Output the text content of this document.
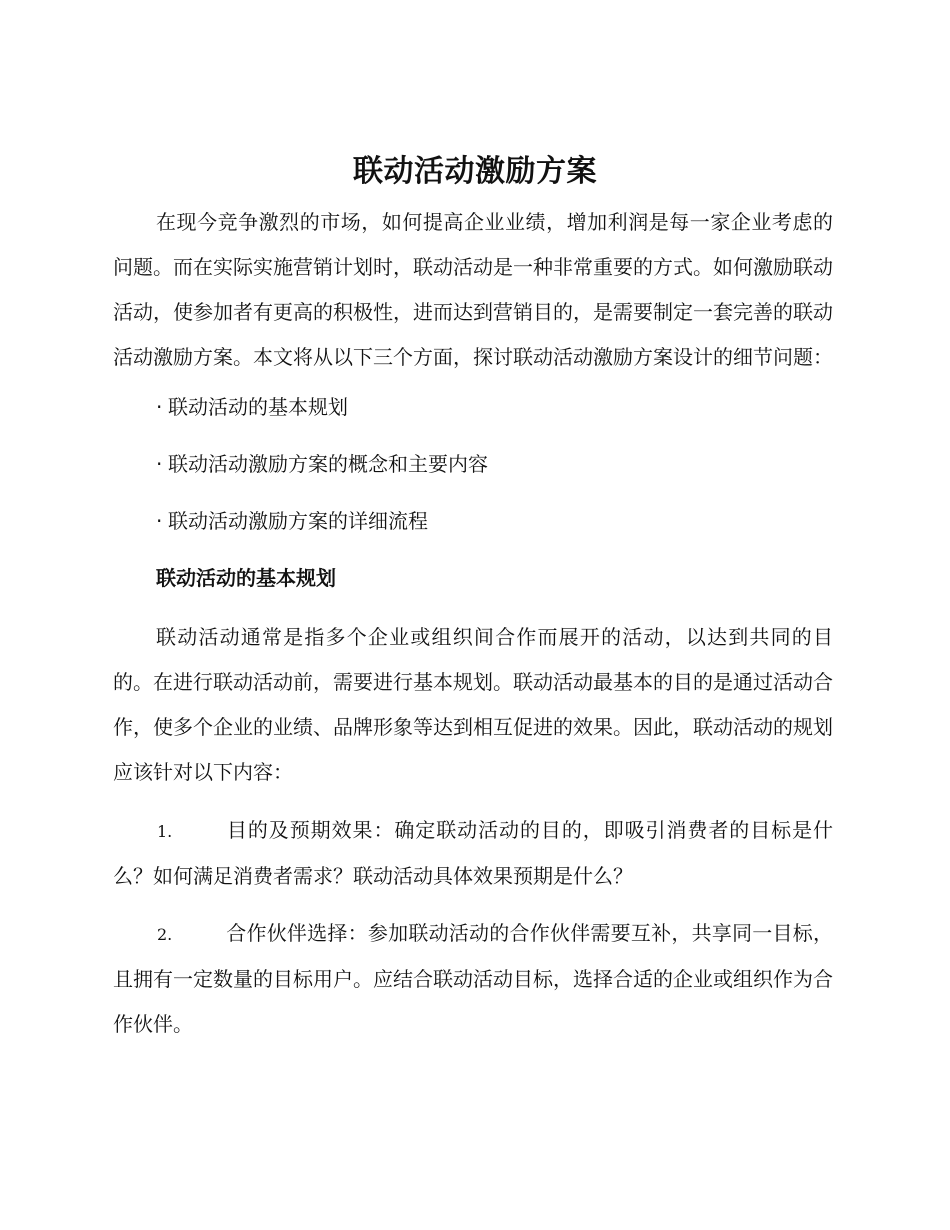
联动活动激励方案

在现今竞争激烈的市场，如何提高企业业绩，增加利润是每一家企业考虑的问题。而在实际实施营销计划时，联动活动是一种非常重要的方式。如何激励联动活动，使参加者有更高的积极性，进而达到营销目的，是需要制定一套完善的联动活动激励方案。本文将从以下三个方面，探讨联动活动激励方案设计的细节问题：

· 联动活动的基本规划
· 联动活动激励方案的概念和主要内容
· 联动活动激励方案的详细流程
联动活动的基本规划

联动活动通常是指多个企业或组织间合作而展开的活动，以达到共同的目的。在进行联动活动前，需要进行基本规划。联动活动最基本的目的是通过活动合作，使多个企业的业绩、品牌形象等达到相互促进的效果。因此，联动活动的规划应该针对以下内容：

1.	目的及预期效果：确定联动活动的目的，即吸引消费者的目标是什么？如何满足消费者需求？联动活动具体效果预期是什么？
2.	合作伙伴选择：参加联动活动的合作伙伴需要互补，共享同一目标，且拥有一定数量的目标用户。应结合联动活动目标，选择合适的企业或组织作为合作伙伴。
